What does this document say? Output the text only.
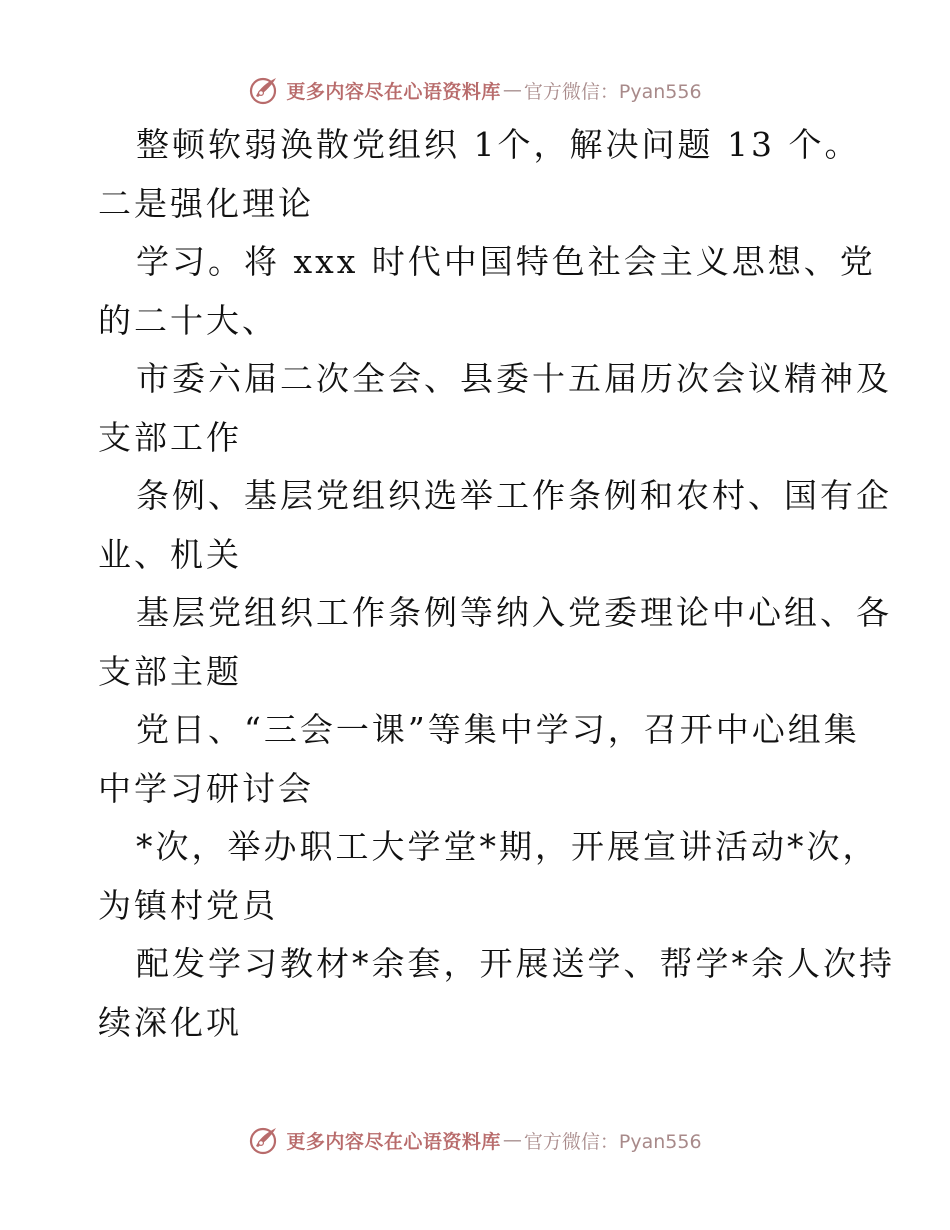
更多内容尽在心语资料库 — 官方微信：Pyan556
整顿软弱涣散党组织 1个，解决问题 13 个。
二是强化理论
学习。将 xxx 时代中国特色社会主义思想、党
的二十大、
市委六届二次全会、县委十五届历次会议精神及
支部工作
条例、基层党组织选举工作条例和农村、国有企
业、机关
基层党组织工作条例等纳入党委理论中心组、各
支部主题
党日、“三会一课”等集中学习，召开中心组集
中学习研讨会
*次，举办职工大学堂*期，开展宣讲活动*次，
为镇村党员
配发学习教材*余套，开展送学、帮学*余人次持
续深化巩
更多内容尽在心语资料库 — 官方微信：Pyan556
